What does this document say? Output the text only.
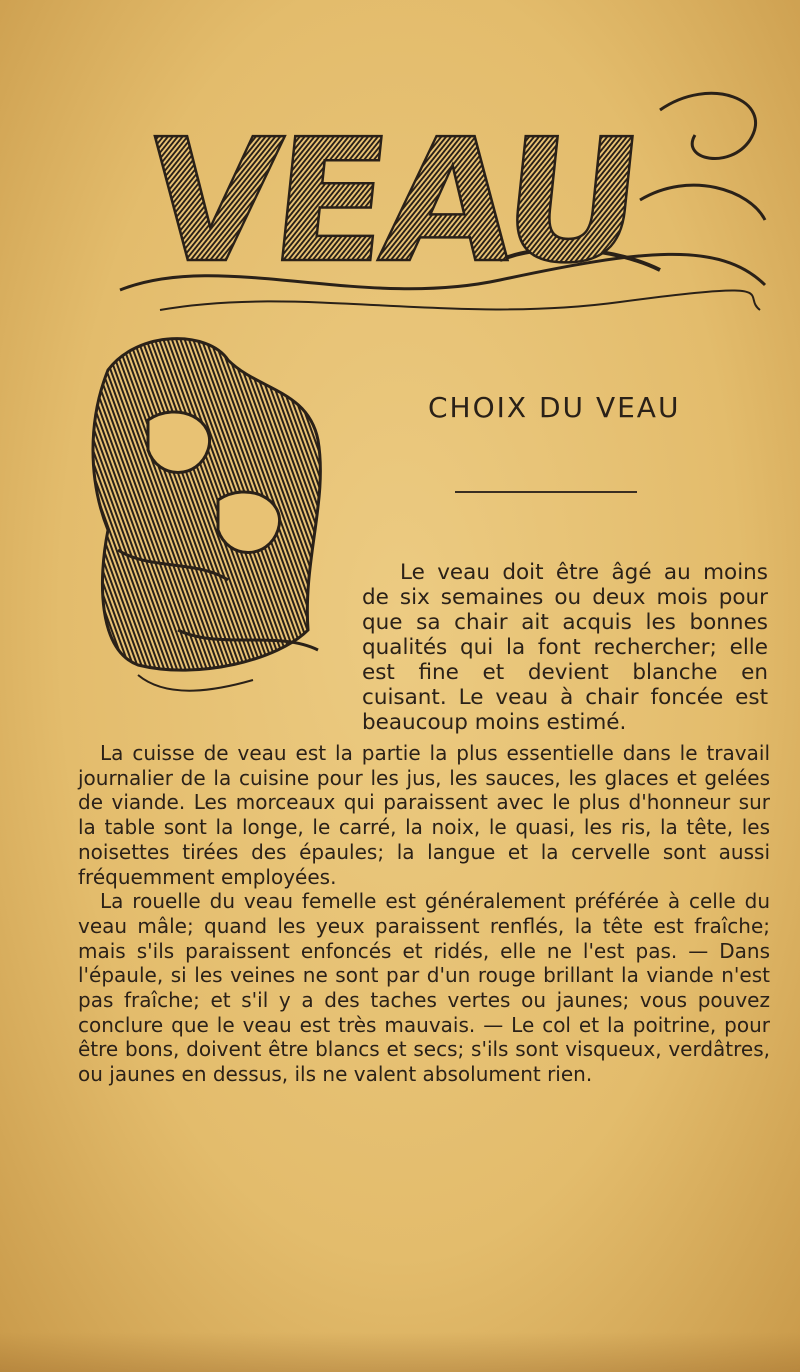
VEAU
CHOIX DU VEAU

Le veau doit être âgé au moins de six semaines ou deux mois pour que sa chair ait acquis les bonnes qualités qui la font rechercher; elle est fine et devient blanche en cuisant. Le veau à chair foncée est beaucoup moins estimé.

La cuisse de veau est la partie la plus essentielle dans le travail journalier de la cuisine pour les jus, les sauces, les glaces et gelées de viande. Les morceaux qui paraissent avec le plus d'honneur sur la table sont la longe, le carré, la noix, le quasi, les ris, la tête, les noisettes tirées des épaules; la langue et la cervelle sont aussi fréquemment employées.

La rouelle du veau femelle est généralement préférée à celle du veau mâle; quand les yeux paraissent renflés, la tête est fraîche; mais s'ils paraissent enfoncés et ridés, elle ne l'est pas. — Dans l'épaule, si les veines ne sont par d'un rouge brillant la viande n'est pas fraîche; et s'il y a des taches vertes ou jaunes; vous pouvez conclure que le veau est très mauvais. — Le col et la poitrine, pour être bons, doivent être blancs et secs; s'ils sont visqueux, verdâtres, ou jaunes en dessus, ils ne valent absolument rien.
